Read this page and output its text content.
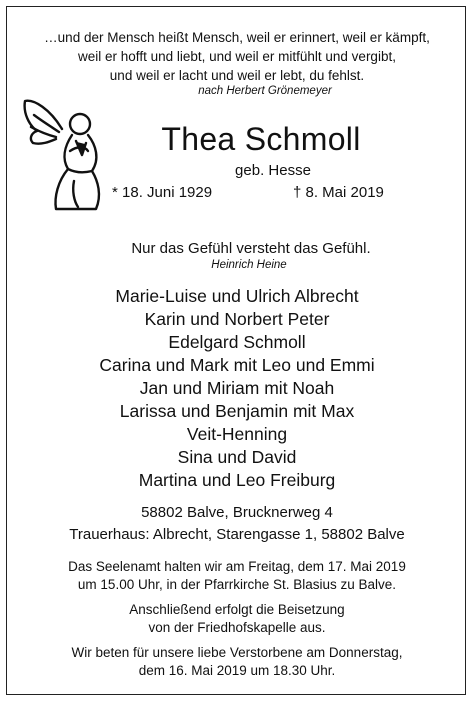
…und der Mensch heißt Mensch, weil er erinnert, weil er kämpft,
weil er hofft und liebt, und weil er mitfühlt und vergibt,
und weil er lacht und weil er lebt, du fehlst.
nach Herbert Grönemeyer
Thea Schmoll
geb. Hesse
* 18. Juni 1929	† 8. Mai 2019
Nur das Gefühl versteht das Gefühl.
Heinrich Heine
Marie-Luise und Ulrich Albrecht
Karin und Norbert Peter
Edelgard Schmoll
Carina und Mark mit Leo und Emmi
Jan und Miriam mit Noah
Larissa und Benjamin mit Max
Veit-Henning
Sina und David
Martina und Leo Freiburg
58802 Balve, Brucknerweg 4
Trauerhaus: Albrecht, Starengasse 1, 58802 Balve
Das Seelenamt halten wir am Freitag, dem 17. Mai 2019
um 15.00 Uhr, in der Pfarrkirche St. Blasius zu Balve.
Anschließend erfolgt die Beisetzung
von der Friedhofskapelle aus.
Wir beten für unsere liebe Verstorbene am Donnerstag,
dem 16. Mai 2019 um 18.30 Uhr.
